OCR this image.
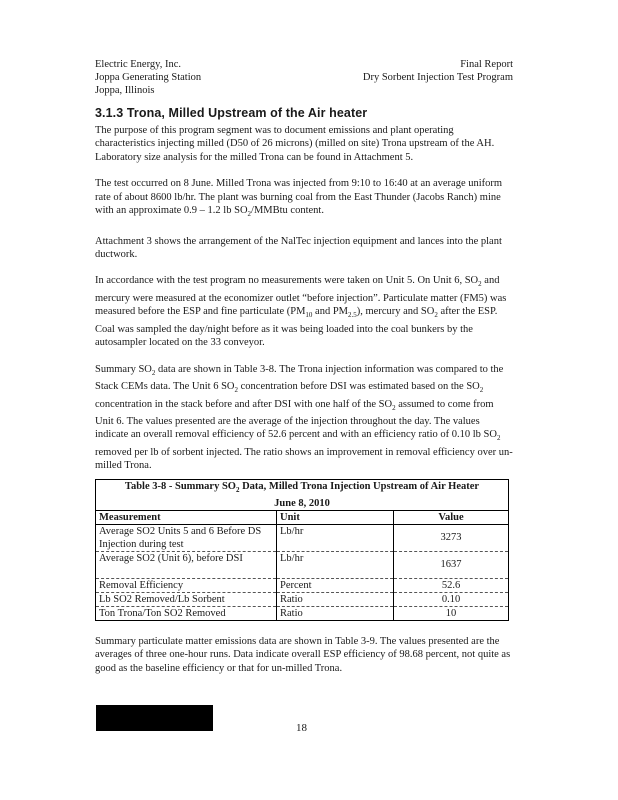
Electric Energy, Inc.
Joppa Generating Station
Joppa, Illinois
Final Report
Dry Sorbent Injection Test Program
3.1.3 Trona, Milled Upstream of the Air heater

The purpose of this program segment was to document emissions and plant operating characteristics injecting milled (D50 of 26 microns) (milled on site) Trona upstream of the AH. Laboratory size analysis for the milled Trona can be found in Attachment 5.

The test occurred on 8 June. Milled Trona was injected from 9:10 to 16:40 at an average uniform rate of about 8600 lb/hr. The plant was burning coal from the East Thunder (Jacobs Ranch) mine with an approximate 0.9 – 1.2 lb $SO_2$/MMBtu content.

Attachment 3 shows the arrangement of the NalTec injection equipment and lances into the plant ductwork.

In accordance with the test program no measurements were taken on Unit 5. On Unit 6, $SO_2$ and mercury were measured at the economizer outlet “before injection”. Particulate matter (FM5) was measured before the ESP and fine particulate ($PM_{10}$ and $PM_{2.5}$), mercury and $SO_2$ after the ESP. Coal was sampled the day/night before as it was being loaded into the coal bunkers by the autosampler located on the 33 conveyor.

Summary $SO_2$ data are shown in Table 3-8. The Trona injection information was compared to the Stack CEMs data. The Unit 6 $SO_2$ concentration before DSI was estimated based on the $SO_2$ concentration in the stack before and after DSI with one half of the $SO_2$ assumed to come from Unit 6. The values presented are the average of the injection throughout the day. The values indicate an overall removal efficiency of 52.6 percent and with an efficiency ratio of 0.10 lb $SO_2$ removed per lb of sorbent injected. The ratio shows an improvement in removal efficiency over un-milled Trona.

Table 3-8 - Summary $SO_2$ Data, Milled Trona Injection Upstream of Air Heater
June 8, 2010		
Measurement	Unit	Value
Average SO2 Units 5 and 6 Before DS Injection during test	Lb/hr	3273
Average SO2 (Unit 6), before DSI	Lb/hr	1637
Removal Efficiency	Percent	52.6
Lb SO2 Removed/Lb Sorbent	Ratio	0.10
Ton Trona/Ton SO2 Removed	Ratio	10

Summary particulate matter emissions data are shown in Table 3-9. The values presented are the averages of three one-hour runs. Data indicate overall ESP efficiency of 98.68 percent, not quite as good as the baseline efficiency or that for un-milled Trona.

18
